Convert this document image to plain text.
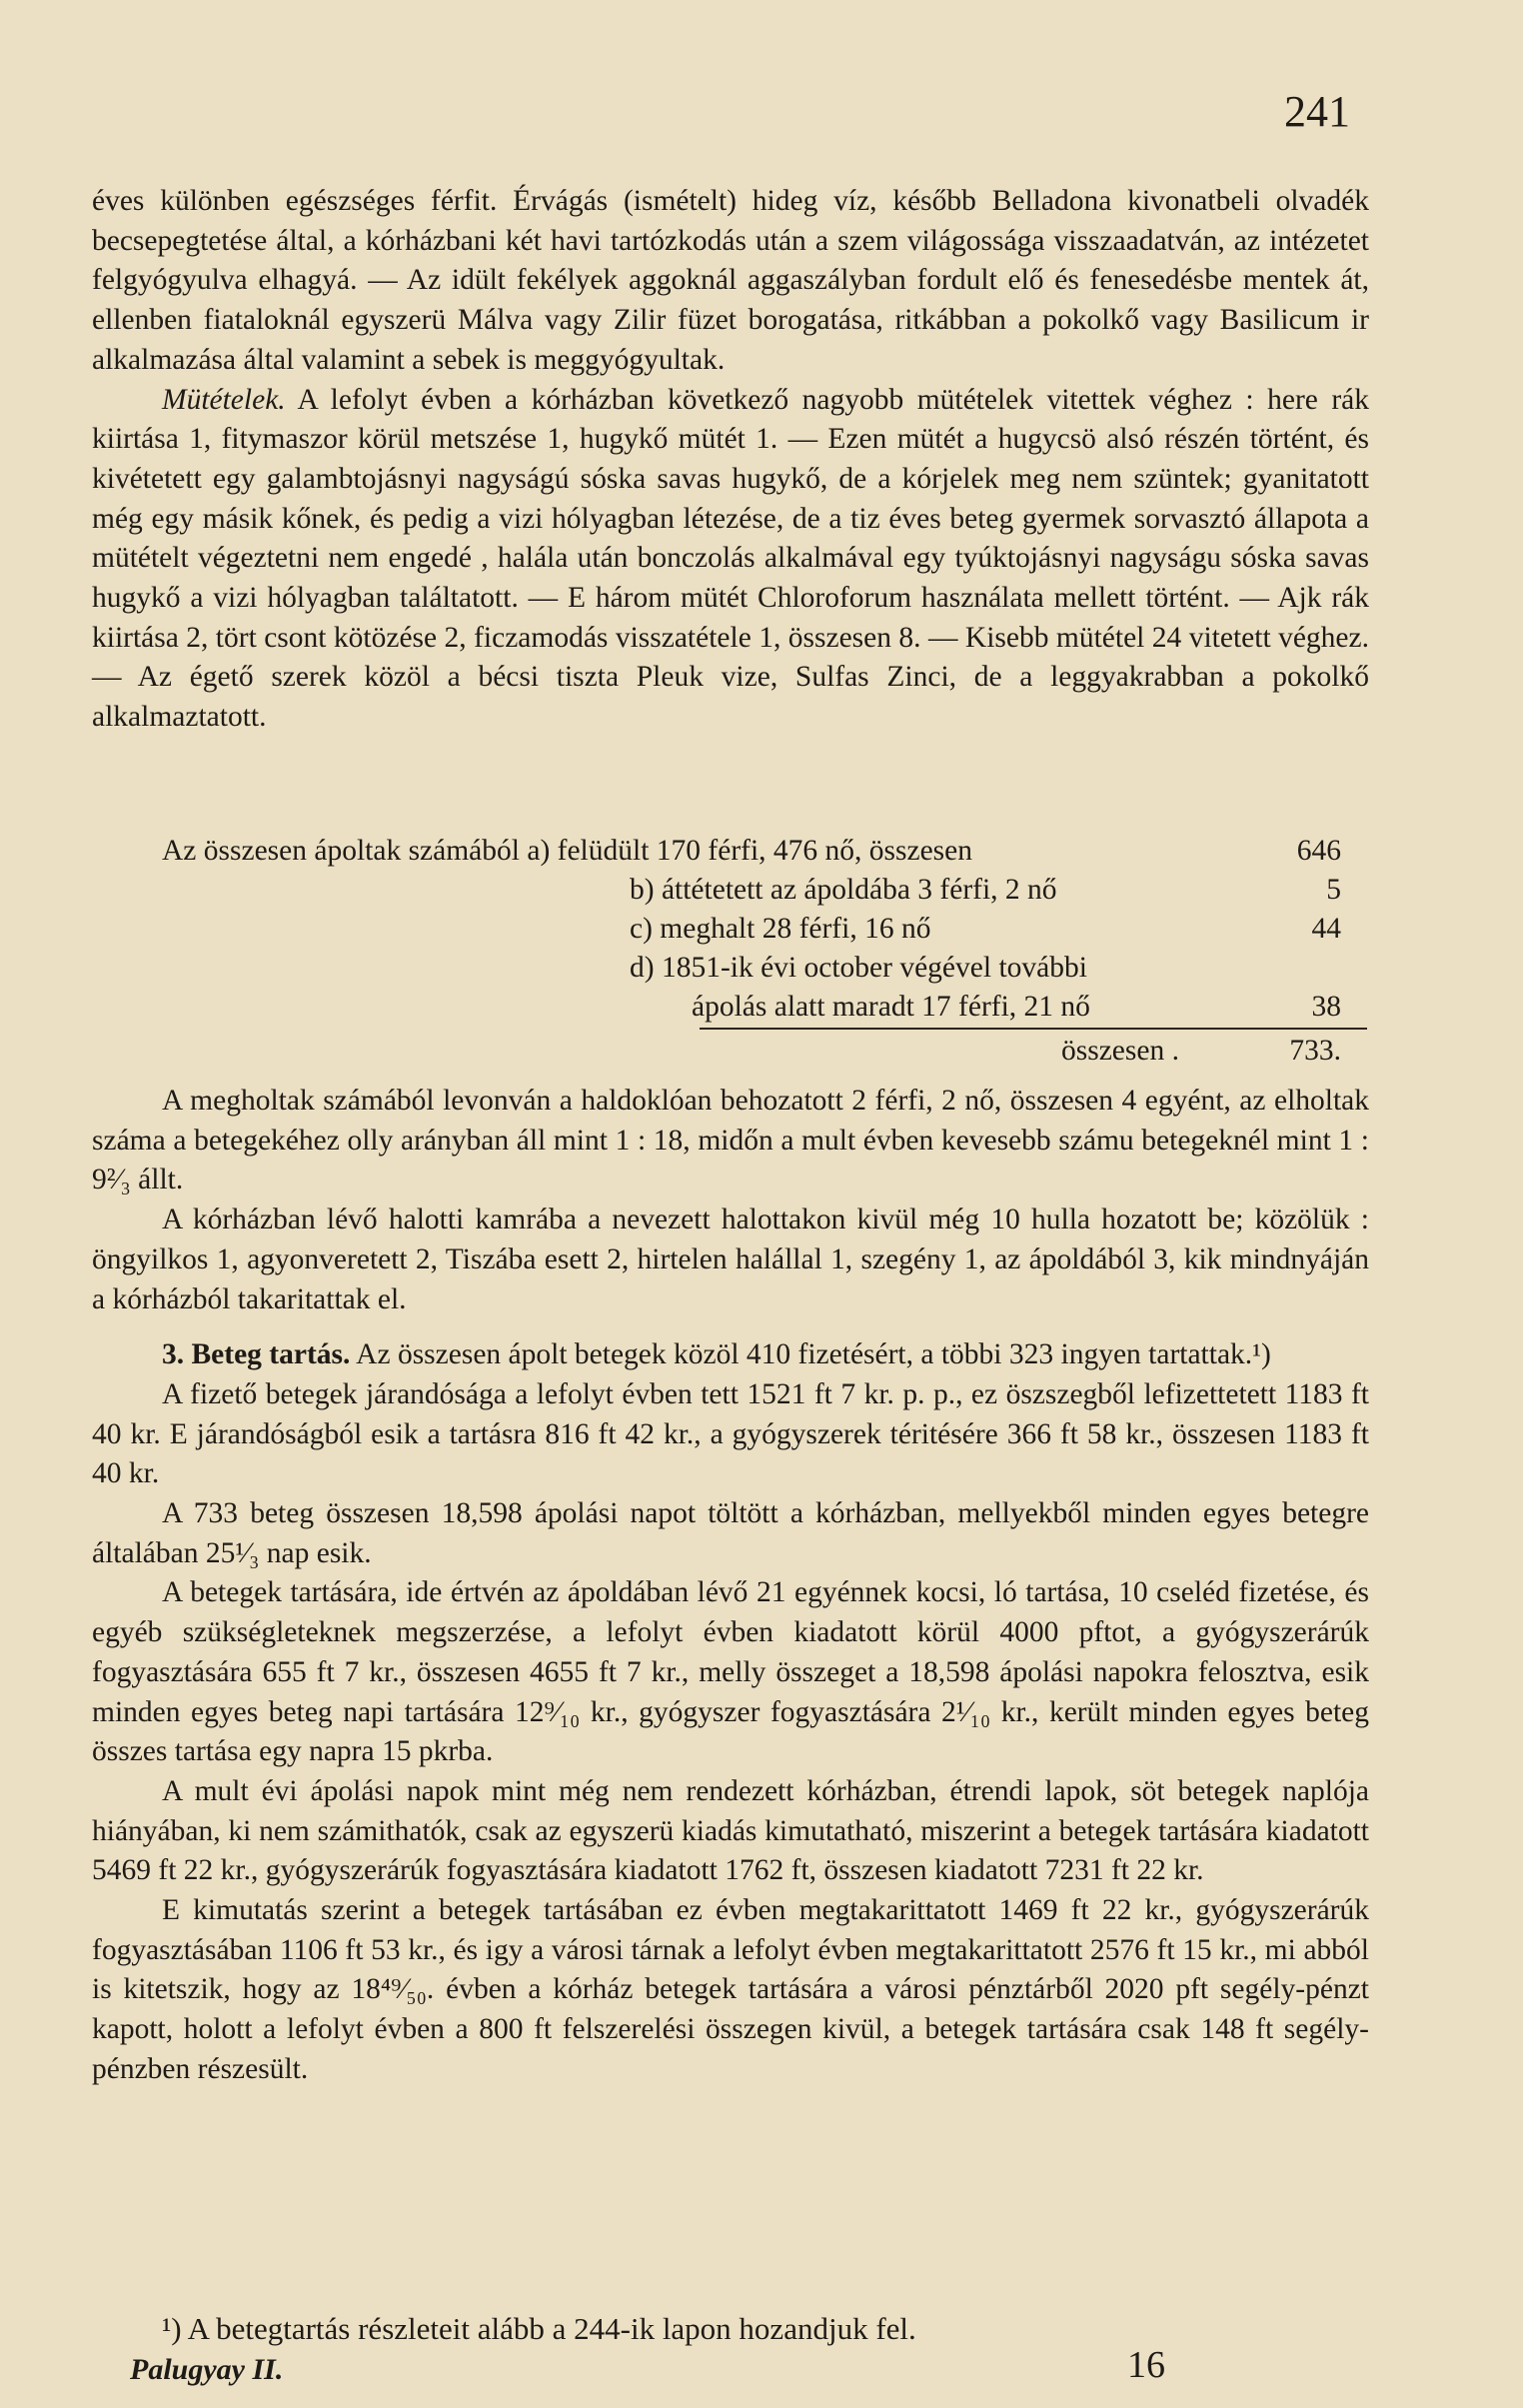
241

éves különben egészséges férfit. Érvágás (ismételt) hideg víz, később Belladona kivonatbeli olvadék becsepegtetése által, a kórházbani két havi tartózkodás után a szem világossága visszaadatván, az intézetet felgyógyulva elhagyá. — Az idült fekélyek aggoknál aggaszályban fordult elő és fenesedésbe mentek át, ellenben fiataloknál egyszerü Málva vagy Zilir füzet borogatása, ritkábban a pokolkő vagy Basilicum ir alkalmazása által valamint a sebek is meggyógyultak.

Mütételek. A lefolyt évben a kórházban következő nagyobb mütételek vitettek véghez : here rák kiirtása 1, fitymaszor körül metszése 1, hugykő mütét 1. — Ezen mütét a hugycsö alsó részén történt, és kivétetett egy galambtojásnyi nagyságú sóska savas hugykő, de a kórjelek meg nem szüntek; gyanitatott még egy másik kőnek, és pedig a vizi hólyagban létezése, de a tiz éves beteg gyermek sorvasztó állapota a mütételt végeztetni nem engedé , halála után bonczolás alkalmával egy tyúktojásnyi nagyságu sóska savas hugykő a vizi hólyagban találtatott. — E három mütét Chloroforum használata mellett történt. — Ajk rák kiirtása 2, tört csont kötözése 2, ficzamodás visszatétele 1, összesen 8. — Kisebb mütétel 24 vitetett véghez. — Az égető szerek közöl a bécsi tiszta Pleuk vize, Sulfas Zinci, de a leggyakrabban a pokolkő alkalmaztatott.

Az összesen ápoltak számából a) felüdült 170 férfi, 476 nő, összesen	646
b) áttétetett az ápoldába 3 férfi, 2 nő	5
c) meghalt 28 férfi, 16 nő	44
d) 1851-ik évi october végével további
ápolás alatt maradt 17 férfi, 21 nő	38
összesen .	733.

A megholtak számából levonván a haldoklóan behozatott 2 férfi, 2 nő, összesen 4 egyént, az elholtak száma a betegekéhez olly arányban áll mint 1 : 18, midőn a mult évben kevesebb számu betegeknél mint 1 : 9²⁄₃ állt.

A kórházban lévő halotti kamrába a nevezett halottakon kivül még 10 hulla hozatott be; közölük : öngyilkos 1, agyonveretett 2, Tiszába esett 2, hirtelen halállal 1, szegény 1, az ápoldából 3, kik mindnyáján a kórházból takaritattak el.

3. Beteg tartás. Az összesen ápolt betegek közöl 410 fizetésért, a többi 323 ingyen tartattak.¹)

A fizető betegek járandósága a lefolyt évben tett 1521 ft 7 kr. p. p., ez öszszegből lefizettetett 1183 ft 40 kr. E járandóságból esik a tartásra 816 ft 42 kr., a gyógyszerek téritésére 366 ft 58 kr., összesen 1183 ft 40 kr.

A 733 beteg összesen 18,598 ápolási napot töltött a kórházban, mellyekből minden egyes betegre általában 25¹⁄₃ nap esik.

A betegek tartására, ide értvén az ápoldában lévő 21 egyénnek kocsi, ló tartása, 10 cseléd fizetése, és egyéb szükségleteknek megszerzése, a lefolyt évben kiadatott körül 4000 pftot, a gyógyszerárúk fogyasztására 655 ft 7 kr., összesen 4655 ft 7 kr., melly összeget a 18,598 ápolási napokra felosztva, esik minden egyes beteg napi tartására 12⁹⁄₁₀ kr., gyógyszer fogyasztására 2¹⁄₁₀ kr., került minden egyes beteg összes tartása egy napra 15 pkrba.

A mult évi ápolási napok mint még nem rendezett kórházban, étrendi lapok, söt betegek naplója hiányában, ki nem számithatók, csak az egyszerü kiadás kimutatható, miszerint a betegek tartására kiadatott 5469 ft 22 kr., gyógyszerárúk fogyasztására kiadatott 1762 ft, összesen kiadatott 7231 ft 22 kr.

E kimutatás szerint a betegek tartásában ez évben megtakarittatott 1469 ft 22 kr., gyógyszerárúk fogyasztásában 1106 ft 53 kr., és igy a városi tárnak a lefolyt évben megtakarittatott 2576 ft 15 kr., mi abból is kitetszik, hogy az 18⁴⁹⁄₅₀. évben a kórház betegek tartására a városi pénztárből 2020 pft segély-pénzt kapott, holott a lefolyt évben a 800 ft felszerelési összegen kivül, a betegek tartására csak 148 ft segély-pénzben részesült.

¹) A betegtartás részleteit alább a 244-ik lapon hozandjuk fel.
Palugyay II.	16
